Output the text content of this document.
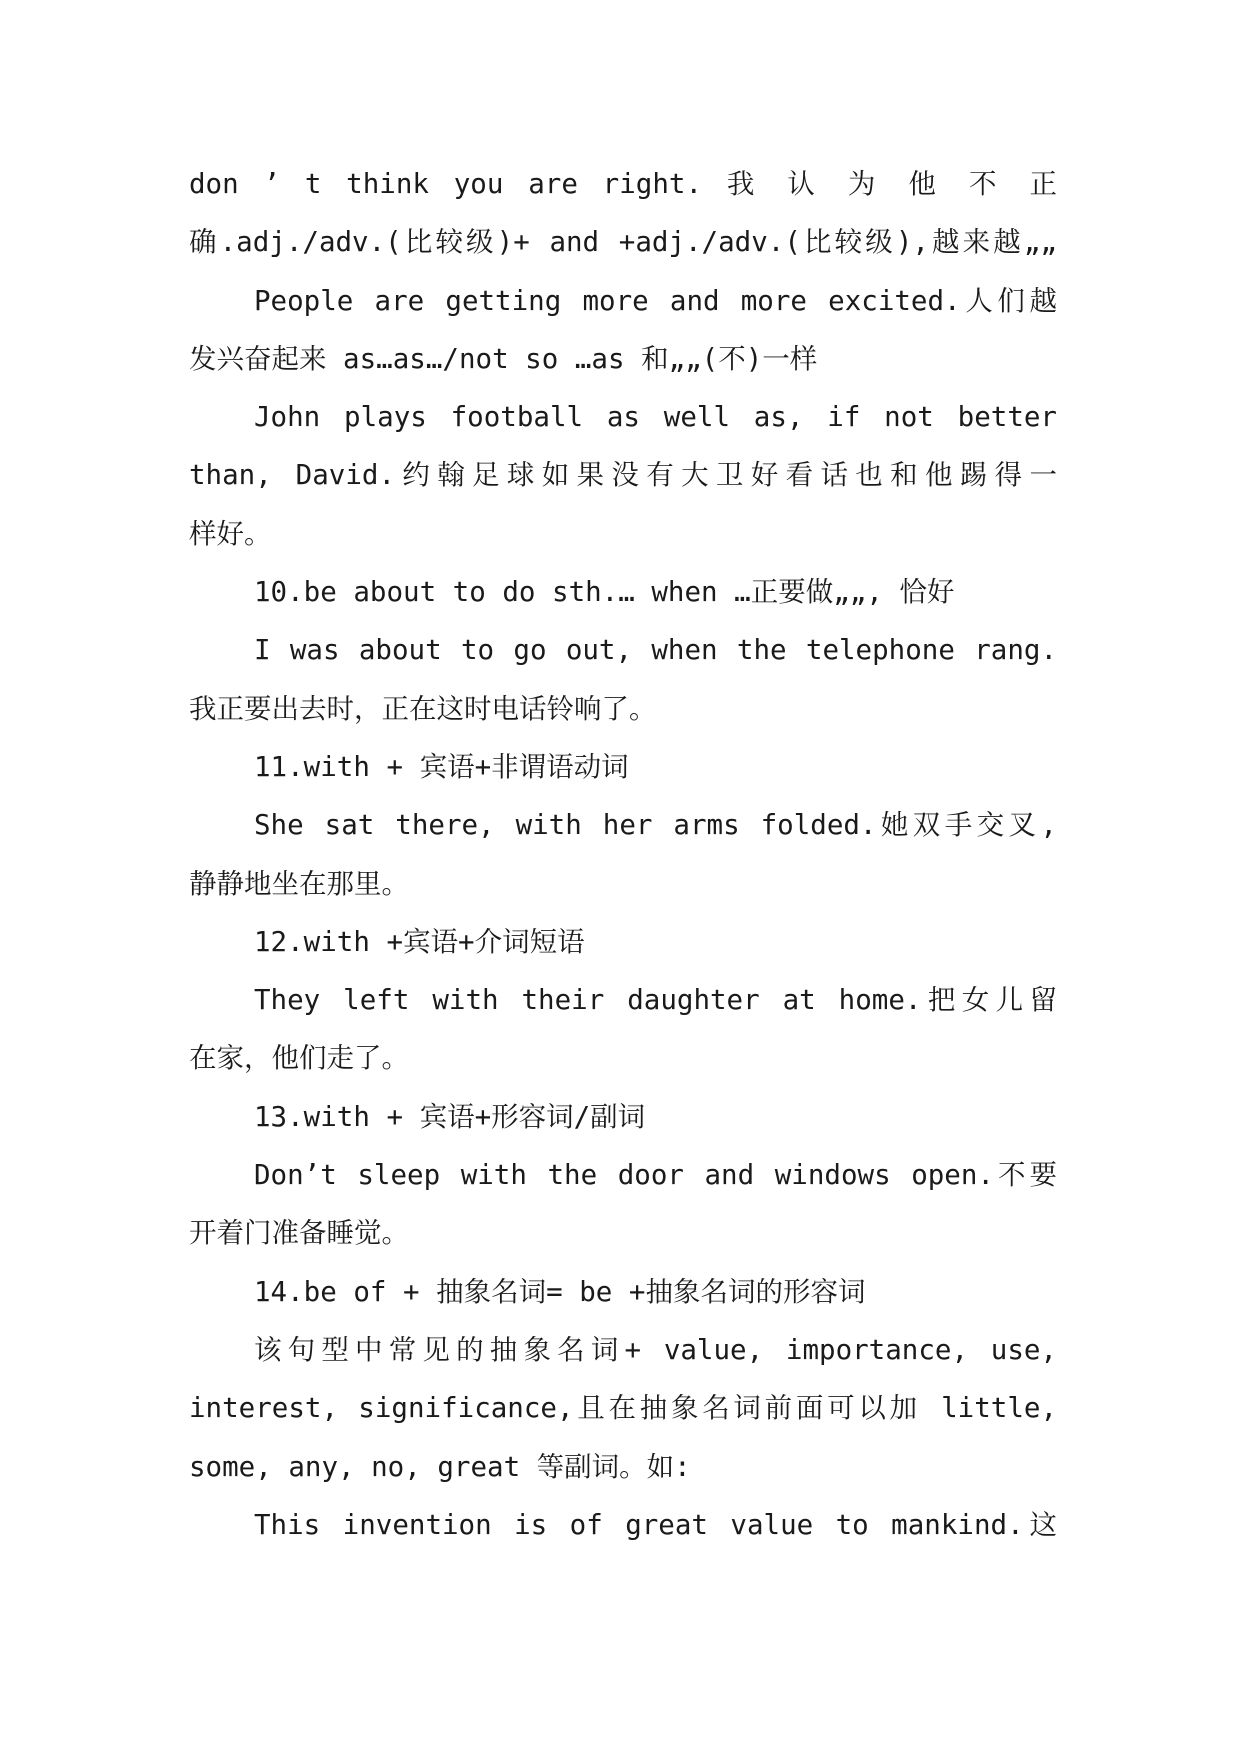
don ’ t think you are right. 我 认 为 他 不 正
确.adj./adv.(比较级)+ and +adj./adv.(比较级),越来越„„
People are getting more and more excited.人们越
发兴奋起来 as…as…/not so …as 和„„(不)一样
John plays football as well as, if not better
than, David.约翰足球如果没有大卫好看话也和他踢得一
样好。
10.be about to do sth.… when …正要做„„, 恰好
I was about to go out, when the telephone rang.
我正要出去时，正在这时电话铃响了。
11.with + 宾语+非谓语动词
She sat there, with her arms folded.她双手交叉,
静静地坐在那里。
12.with +宾语+介词短语
They left with their daughter at home.把女儿留
在家，他们走了。
13.with + 宾语+形容词/副词
Don’t sleep with the door and windows open.不要
开着门准备睡觉。
14.be of + 抽象名词= be +抽象名词的形容词
该句型中常见的抽象名词+ value, importance, use,
interest, significance,且在抽象名词前面可以加 little,
some, any, no, great 等副词。如:
This invention is of great value to mankind.这
